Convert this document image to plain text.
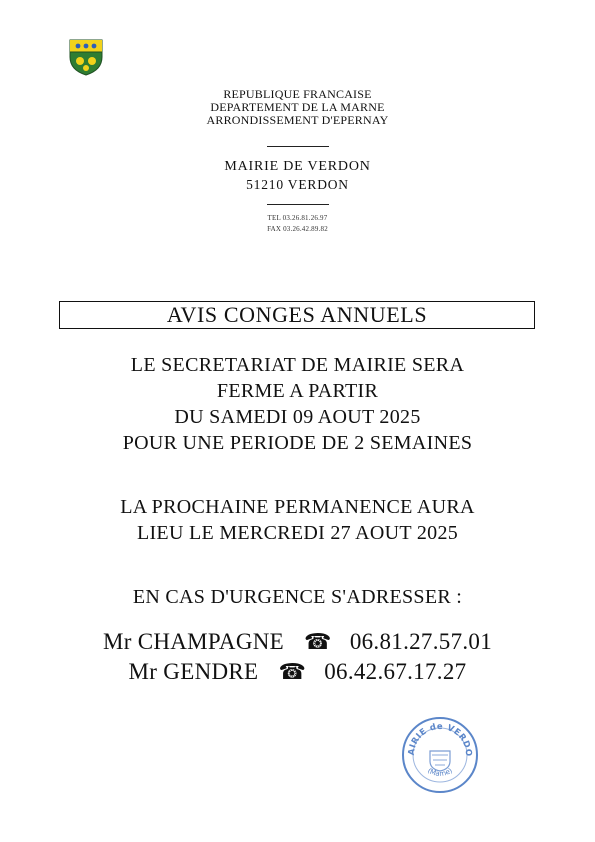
REPUBLIQUE FRANCAISE
DEPARTEMENT DE LA MARNE
ARRONDISSEMENT D'EPERNAY
MAIRIE DE VERDON
51210 VERDON
TEL 03.26.81.26.97
FAX 03.26.42.89.82
AVIS CONGES ANNUELS
LE SECRETARIAT DE MAIRIE SERA
FERME A PARTIR
DU SAMEDI 09 AOUT 2025
POUR UNE PERIODE DE 2 SEMAINES
LA PROCHAINE PERMANENCE AURA
LIEU LE MERCREDI 27 AOUT 2025
EN CAS D'URGENCE S'ADRESSER :
Mr CHAMPAGNE ☎ 06.81.27.57.01
Mr GENDRE ☎ 06.42.67.17.27
AIRIE de VERDO
(Marne)
